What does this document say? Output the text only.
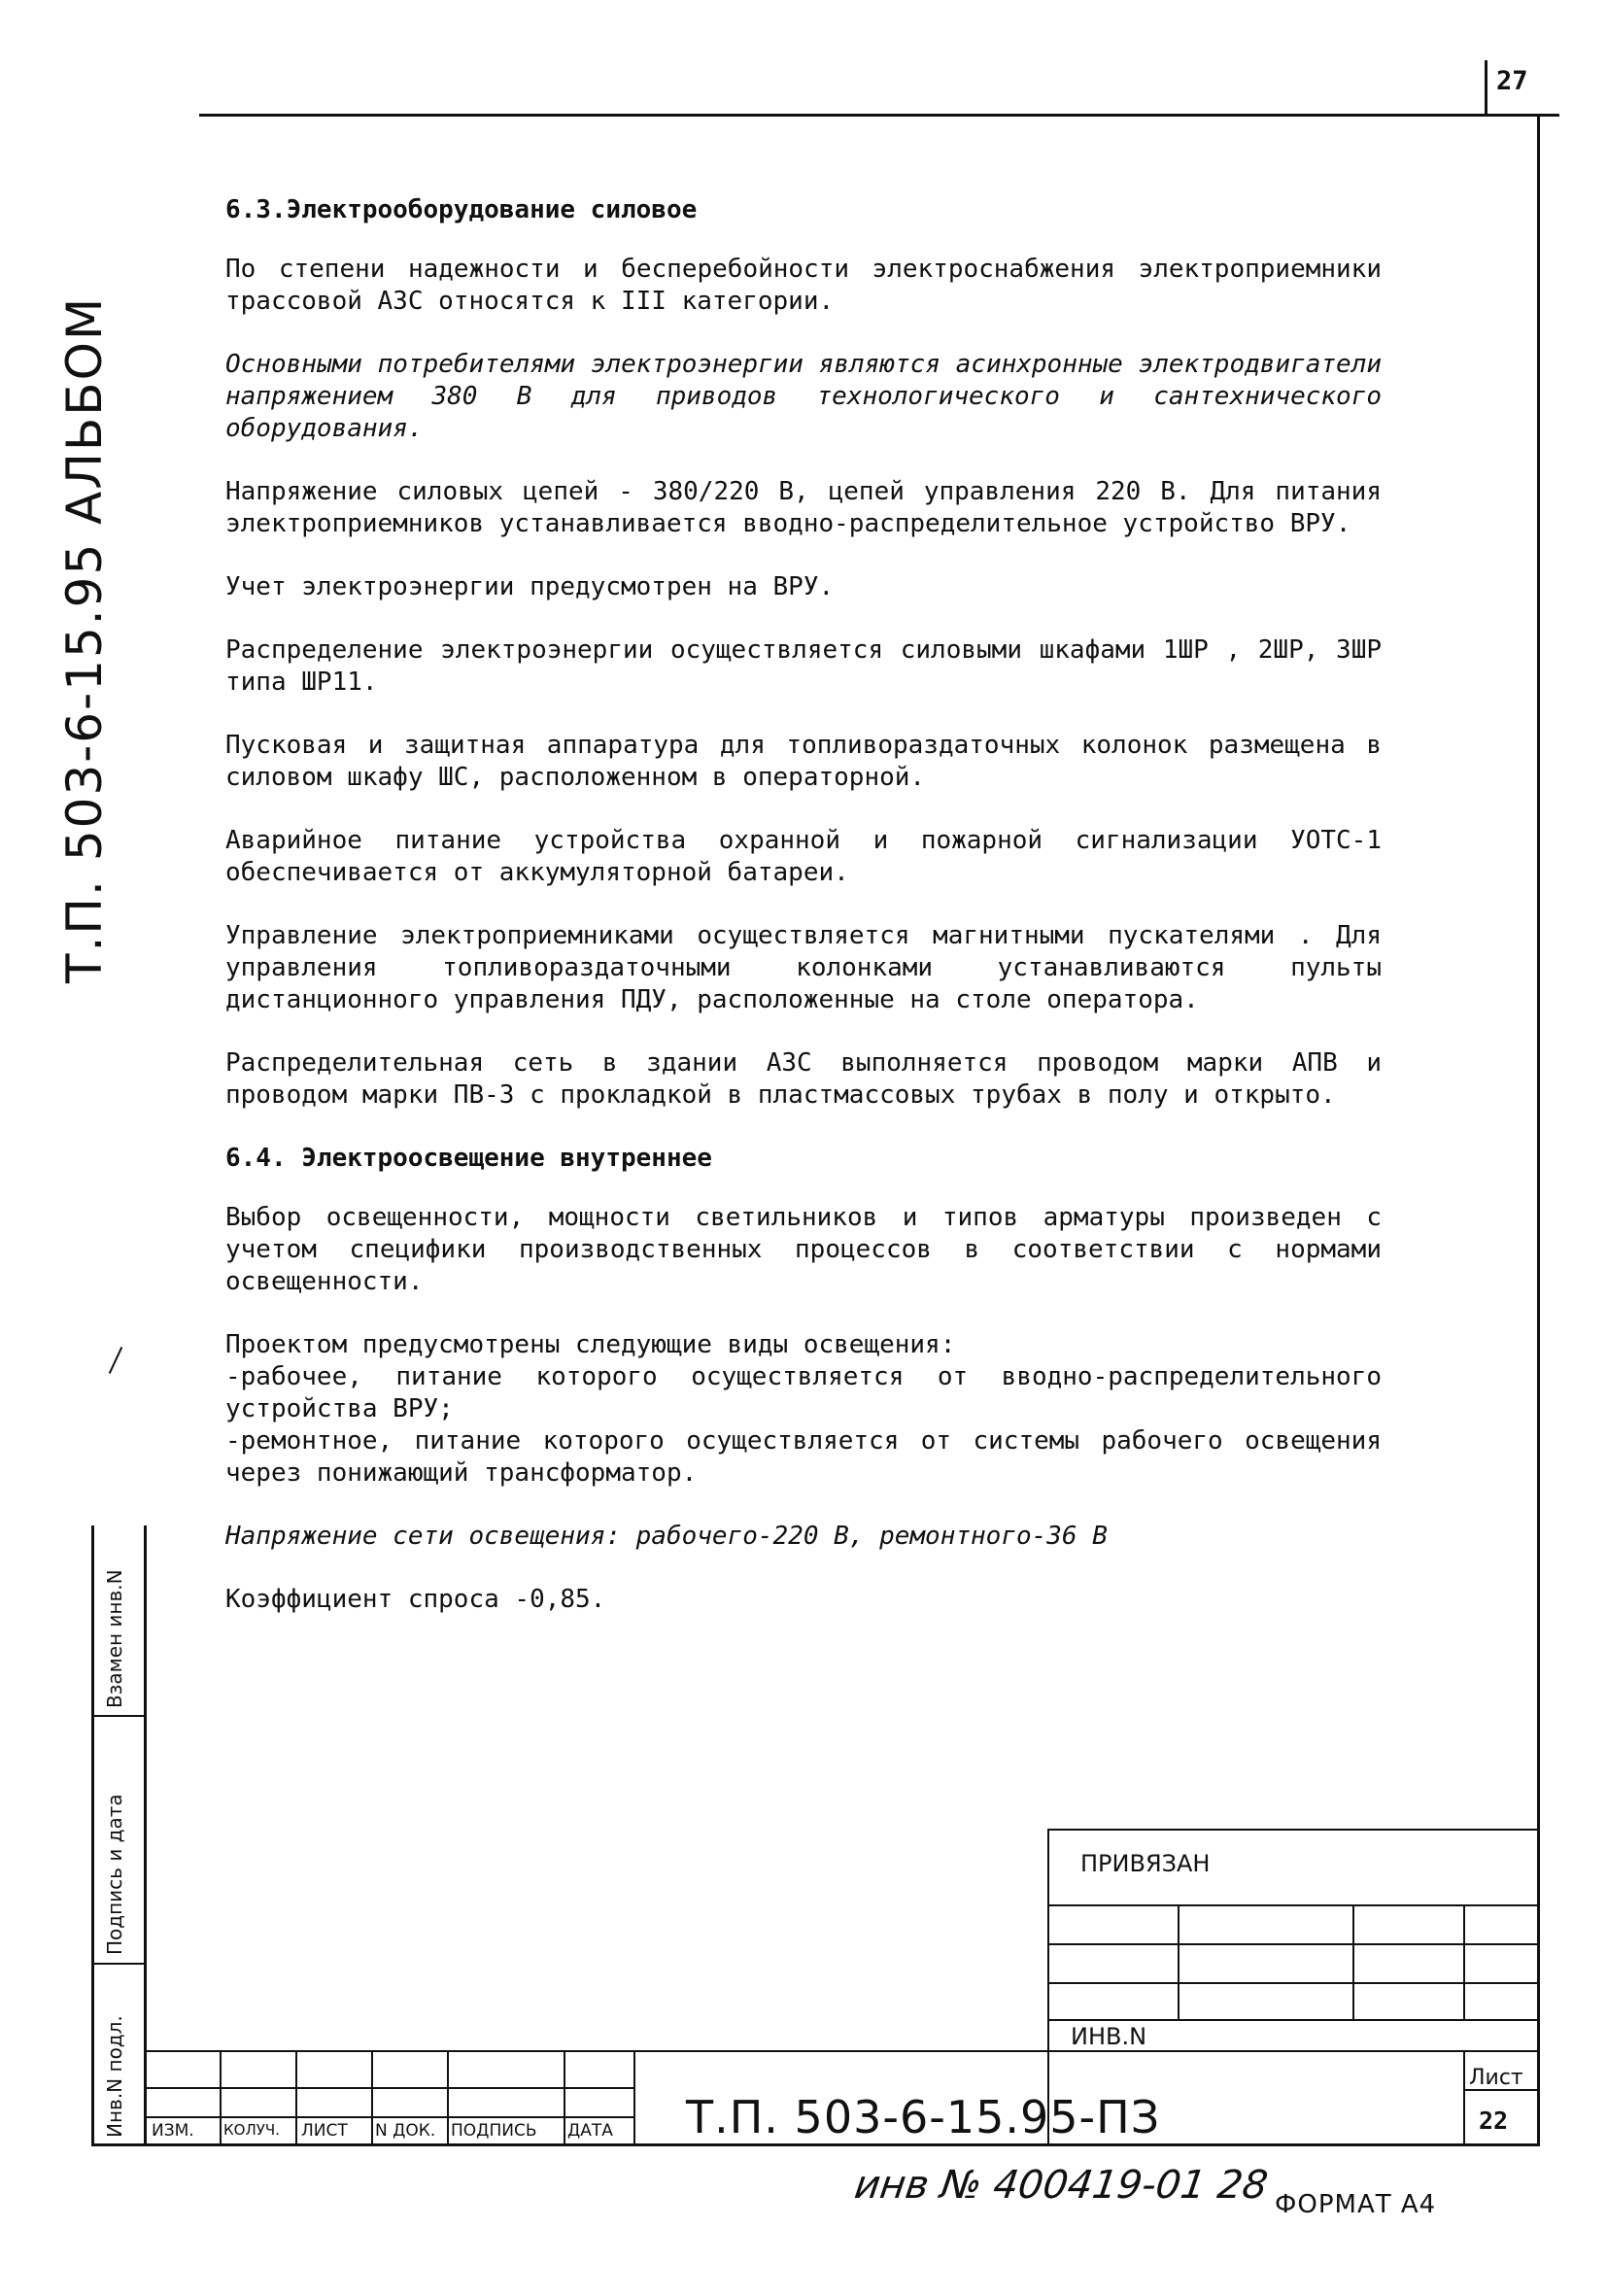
27
Т.П. 503-6-15.95 АЛЬБОМ
Инв.N подл.
Подпись и дата
Взамен инв.N
6.3.Электрооборудование силовое

По степени надежности и бесперебойности электроснабжения электроприемники трассовой АЗС относятся к III категории.

Основными потребителями электроэнергии являются асинхронные электродвигатели напряжением 380 В для приводов технологического и сантехнического оборудования.

Напряжение силовых цепей - 380/220 В, цепей управления 220 В. Для питания электроприемников устанавливается вводно-распределительное устройство ВРУ.

Учет электроэнергии предусмотрен на ВРУ.

Распределение электроэнергии осуществляется силовыми шкафами 1ШР , 2ШР, 3ШР типа ШР11.

Пусковая и защитная аппаратура для топливораздаточных колонок размещена в силовом шкафу ШС, расположенном в операторной.

Аварийное питание устройства охранной и пожарной сигнализации УОТС-1 обеспечивается от аккумуляторной батареи.

Управление электроприемниками осуществляется магнитными пускателями . Для управления топливораздаточными колонками устанавливаются пульты дистанционного управления ПДУ, расположенные на столе оператора.

Распределительная сеть в здании АЗС выполняется проводом марки АПВ и проводом марки ПВ-3 с прокладкой в пластмассовых трубах в полу и открыто.

6.4. Электроосвещение внутреннее

Выбор освещенности, мощности светильников и типов арматуры произведен с учетом специфики производственных процессов в соответствии с нормами освещенности.

Проектом предусмотрены следующие виды освещения:
-рабочее, питание которого осуществляется от вводно-распределительного устройства ВРУ;
-ремонтное, питание которого осуществляется от системы рабочего освещения через понижающий трансформатор.

Напряжение сети освещения: рабочего-220 В, ремонтного-36 В

Коэффициент спроса -0,85.

ПРИВЯЗАН
ИНВ.N
ИЗМ. КОЛУЧ. ЛИСТ N ДОК. ПОДПИСЬ ДАТА Т.П. 503-6-15.95-ПЗ
Лист
22
инв № 400419-01 28 ФОРМАТ А4
